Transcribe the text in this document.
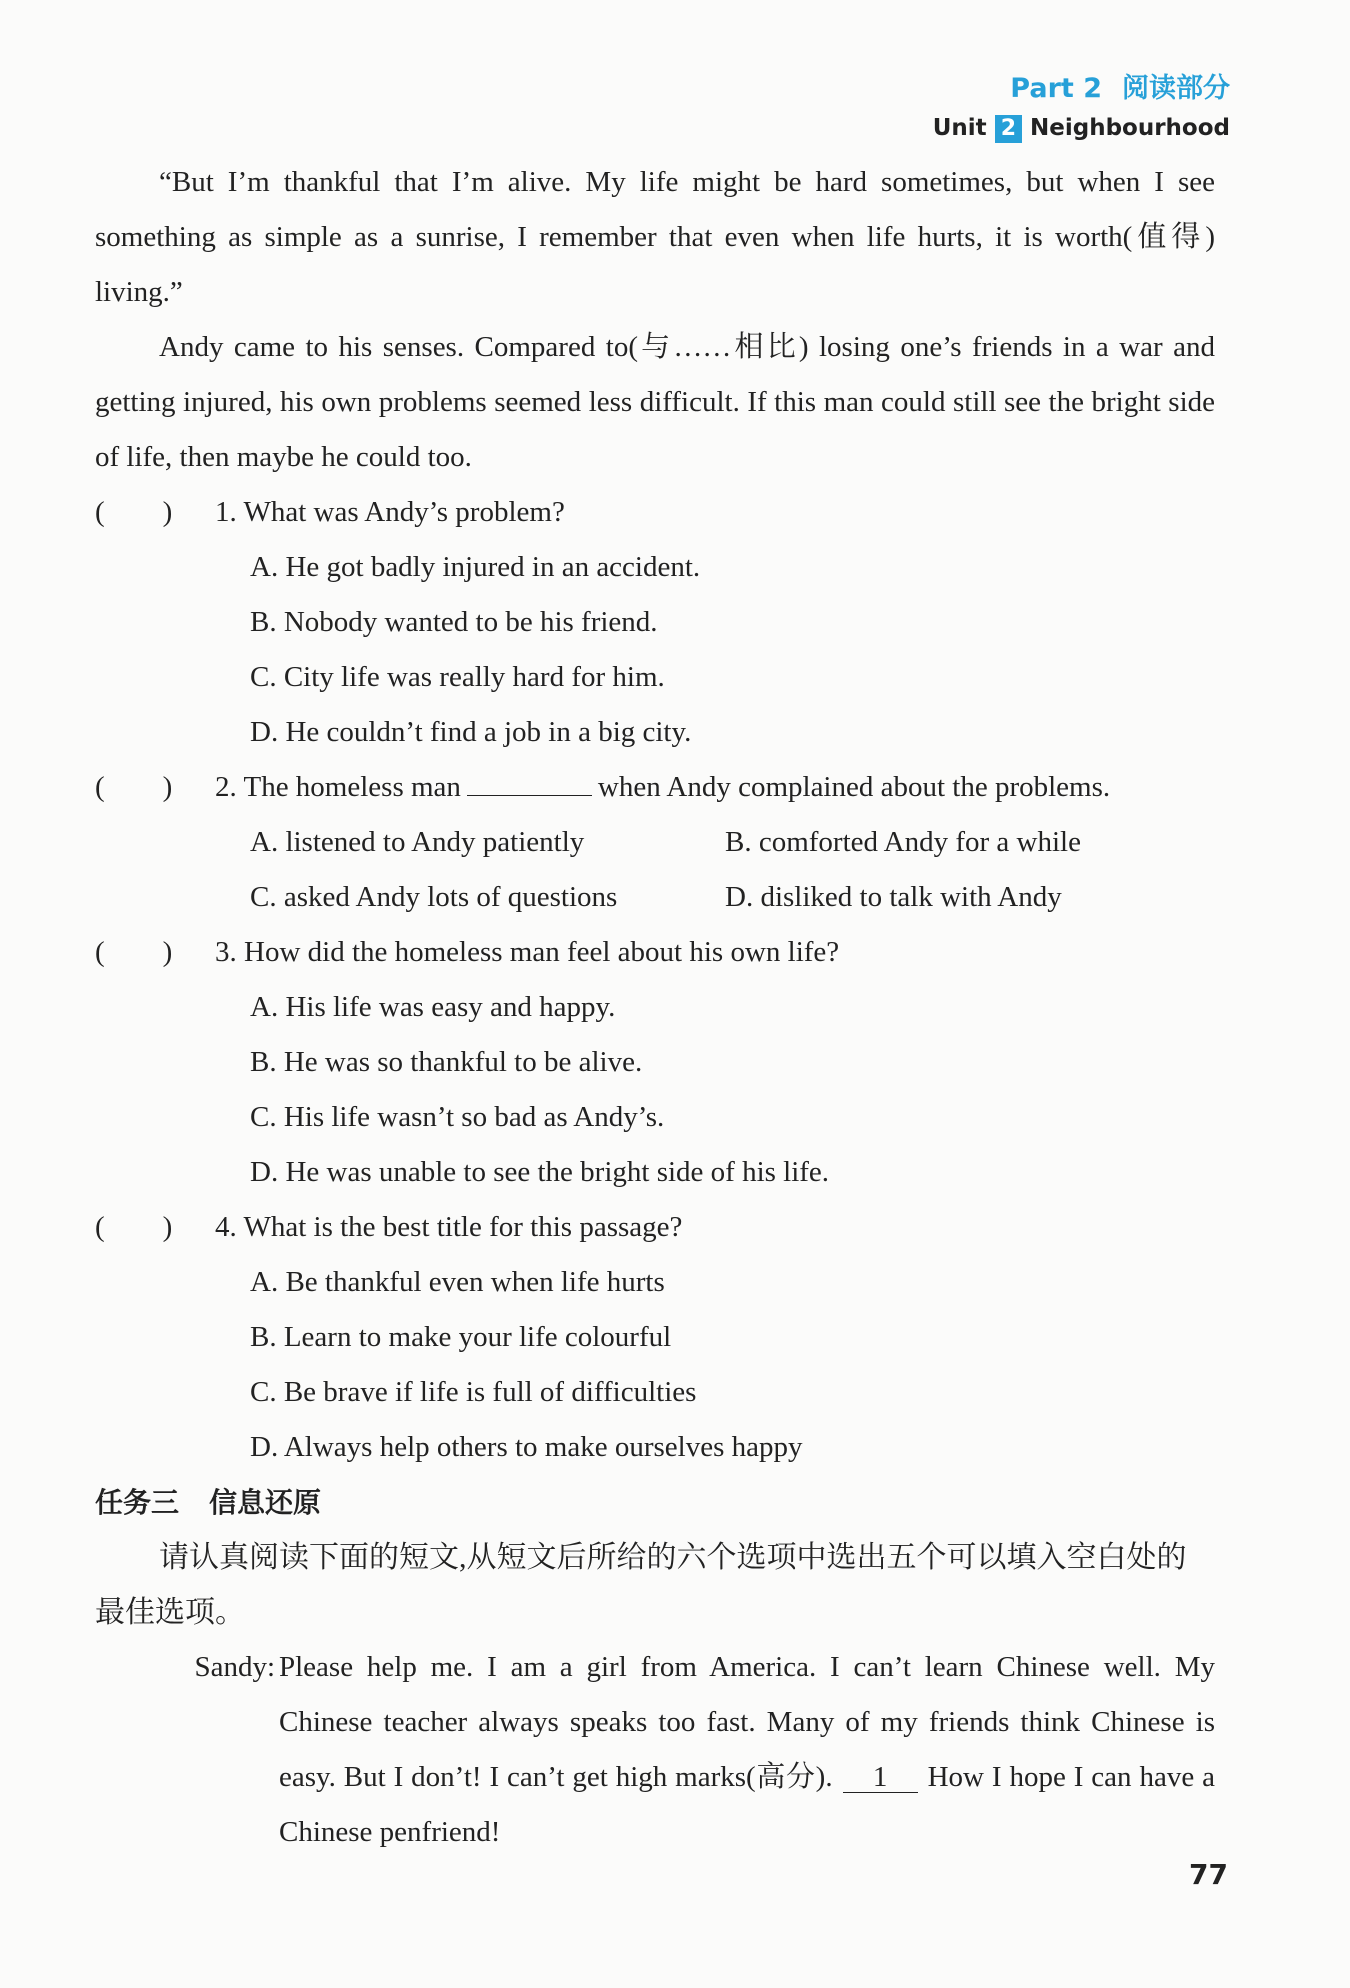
Part 2 阅读部分
Unit 2 Neighbourhood

“But I’m thankful that I’m alive. My life might be hard sometimes, but when I see something as simple as a sunrise, I remember that even when life hurts, it is worth(值得) living.”

Andy came to his senses. Compared to(与……相比) losing one’s friends in a war and getting injured, his own problems seemed less difficult. If this man could still see the bright side of life, then maybe he could too.

(        )	1. What was Andy’s problem?
A. He got badly injured in an accident.
B. Nobody wanted to be his friend.
C. City life was really hard for him.
D. He couldn’t find a job in a big city.
(        )	2. The homeless man	when Andy complained about the problems.
A. listened to Andy patiently	B. comforted Andy for a while
C. asked Andy lots of questions	D. disliked to talk with Andy
(        )	3. How did the homeless man feel about his own life?
A. His life was easy and happy.
B. He was so thankful to be alive.
C. His life wasn’t so bad as Andy’s.
D. He was unable to see the bright side of his life.
(        )	4. What is the best title for this passage?
A. Be thankful even when life hurts
B. Learn to make your life colourful
C. Be brave if life is full of difficulties
D. Always help others to make ourselves happy
任务三 信息还原

请认真阅读下面的短文,从短文后所给的六个选项中选出五个可以填入空白处的最佳选项。

Sandy: Please help me. I am a girl from America. I can’t learn Chinese well. My Chinese teacher always speaks too fast. Many of my friends think Chinese is easy. But I don’t! I can’t get high marks(高分). 1 How I hope I can have a Chinese penfriend!
77
